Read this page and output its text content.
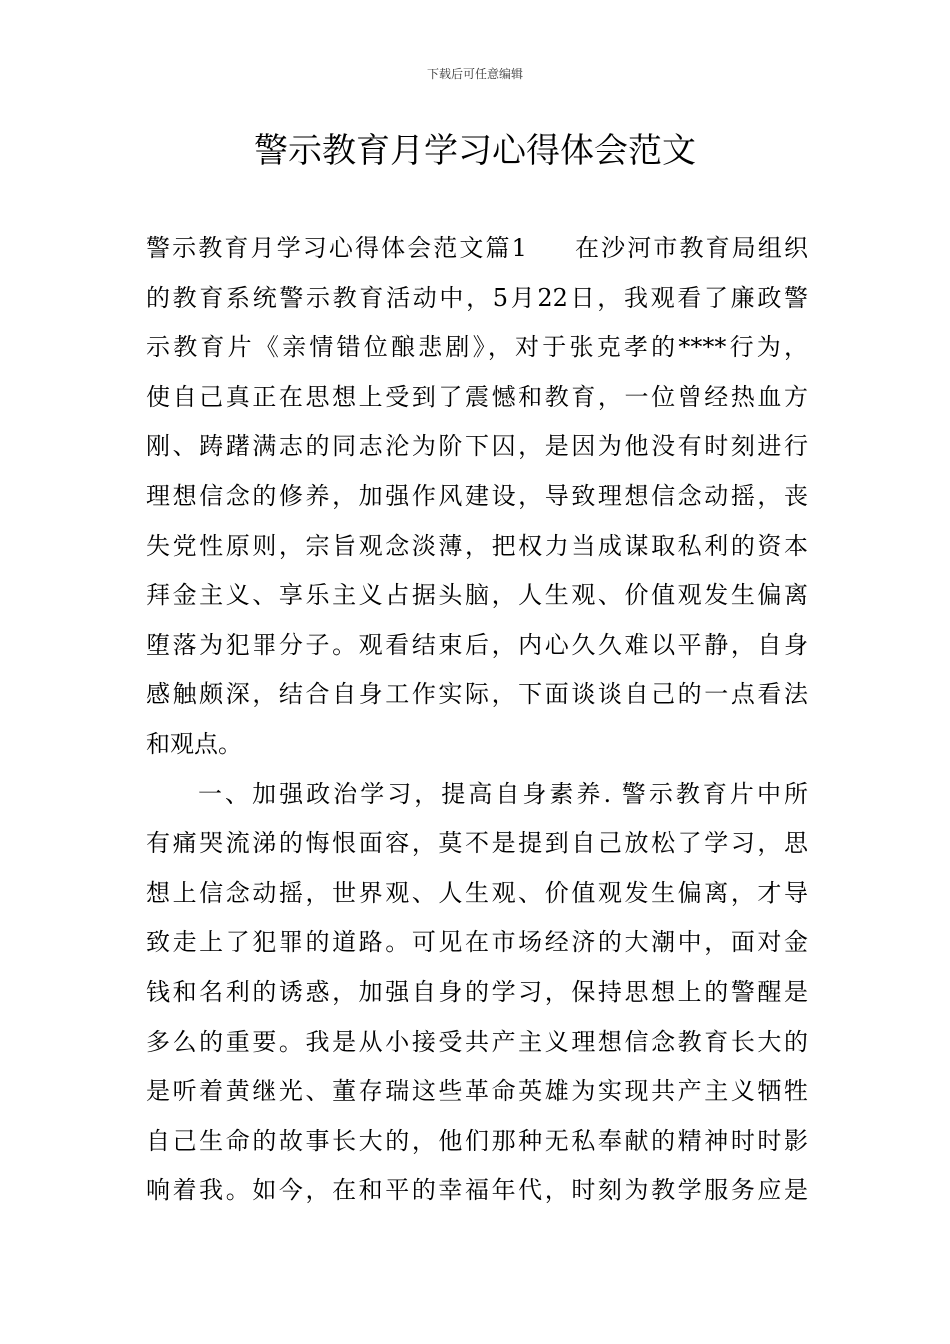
下载后可任意编辑
警示教育月学习心得体会范文
警示教育月学习心得体会范文篇1 在沙河市教育局组织
的教育系统警示教育活动中，5月22日，我观看了廉政警
示教育片《亲情错位酿悲剧》，对于张克孝的****行为，
使自己真正在思想上受到了震憾和教育，一位曾经热血方
刚、踌躇满志的同志沦为阶下囚，是因为他没有时刻进行
理想信念的修养，加强作风建设，导致理想信念动摇，丧
失党性原则，宗旨观念淡薄，把权力当成谋取私利的资本
拜金主义、享乐主义占据头脑，人生观、价值观发生偏离
堕落为犯罪分子。观看结束后，内心久久难以平静，自身
感触颇深，结合自身工作实际，下面谈谈自己的一点看法
和观点。
一、加强政治学习，提高自身素养. 警示教育片中所
有痛哭流涕的悔恨面容，莫不是提到自己放松了学习，思
想上信念动摇，世界观、人生观、价值观发生偏离，才导
致走上了犯罪的道路。可见在市场经济的大潮中，面对金
钱和名利的诱惑，加强自身的学习，保持思想上的警醒是
多么的重要。我是从小接受共产主义理想信念教育长大的
是听着黄继光、董存瑞这些革命英雄为实现共产主义牺牲
自己生命的故事长大的，他们那种无私奉献的精神时时影
响着我。如今，在和平的幸福年代，时刻为教学服务应是
